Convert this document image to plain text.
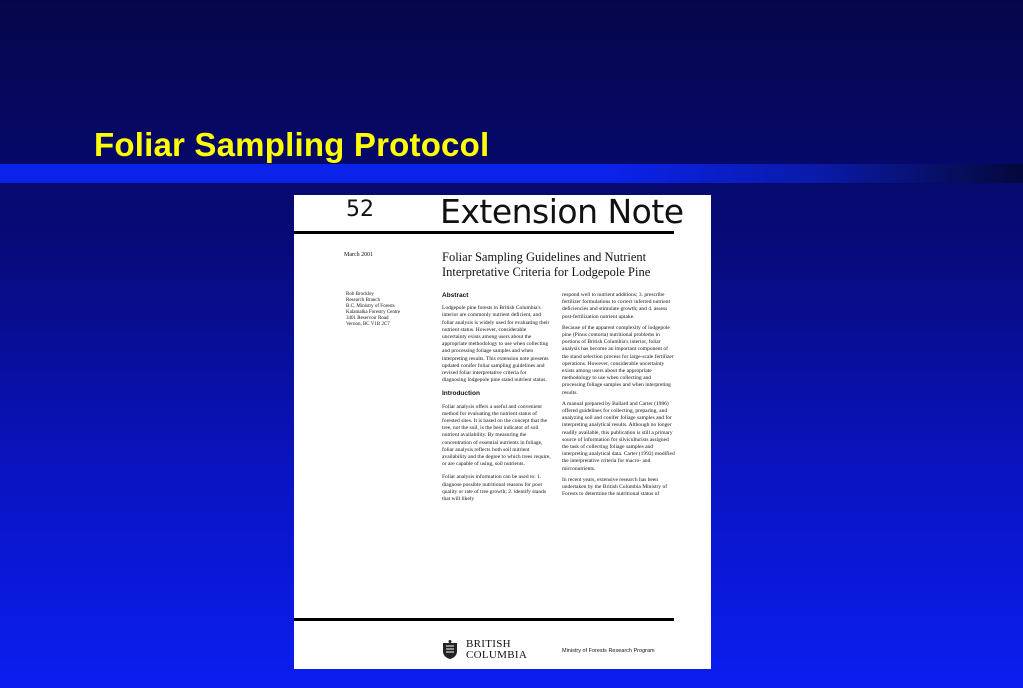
Foliar Sampling Protocol
52 Extension Note
March 2001	Foliar Sampling Guidelines and Nutrient Interpretative Criteria for Lodgepole Pine
Rob Brockley
Research Branch
B.C. Ministry of Forests
Kalamalka Forestry Centre
3401 Reservoir Road
Vernon, BC V1B 2C7
Abstract

Lodgepole pine forests in British Columbia's interior are commonly nutrient deficient, and foliar analysis is widely used for evaluating their nutrient status. However, considerable uncertainty exists among users about the appropriate methodology to use when collecting and processing foliage samples and when interpreting results. This extension note presents updated conifer foliar sampling guidelines and revised foliar interpretative criteria for diagnosing lodgepole pine stand nutrient status.

Introduction

Foliar analysis offers a useful and convenient method for evaluating the nutrient status of forested sites. It is based on the concept that the tree, not the soil, is the best indicator of soil nutrient availability. By measuring the concentration of essential nutrients in foliage, foliar analysis reflects both soil nutrient availability and the degree to which trees require, or are capable of using, soil nutrients.

Foliar analysis information can be used to: 1. diagnose possible nutritional reasons for poor quality or rate of tree growth; 2. identify stands that will likely

respond well to nutrient additions; 3. prescribe fertilizer formulations to correct inferred nutrient deficiencies and stimulate growth; and 4. assess post-fertilization nutrient uptake.

Because of the apparent complexity of lodgepole pine (Pinus contorta) nutritional problems in portions of British Columbia's interior, foliar analysis has become an important component of the stand selection process for large-scale fertilizer operations. However, considerable uncertainty exists among users about the appropriate methodology to use when collecting and processing foliage samples and when interpreting results.

A manual prepared by Ballard and Carter (1986) offered guidelines for collecting, preparing, and analyzing soil and conifer foliage samples and for interpreting analytical results. Although no longer readily available, this publication is still a primary source of information for silviculturists assigned the task of collecting foliage samples and interpreting analytical data. Carter (1992) modified the interpretative criteria for macro- and micronutrients.

In recent years, extensive research has been undertaken by the British Columbia Ministry of Forests to determine the nutritional status of

BRITISH
COLUMBIA	Ministry of Forests Research Program
